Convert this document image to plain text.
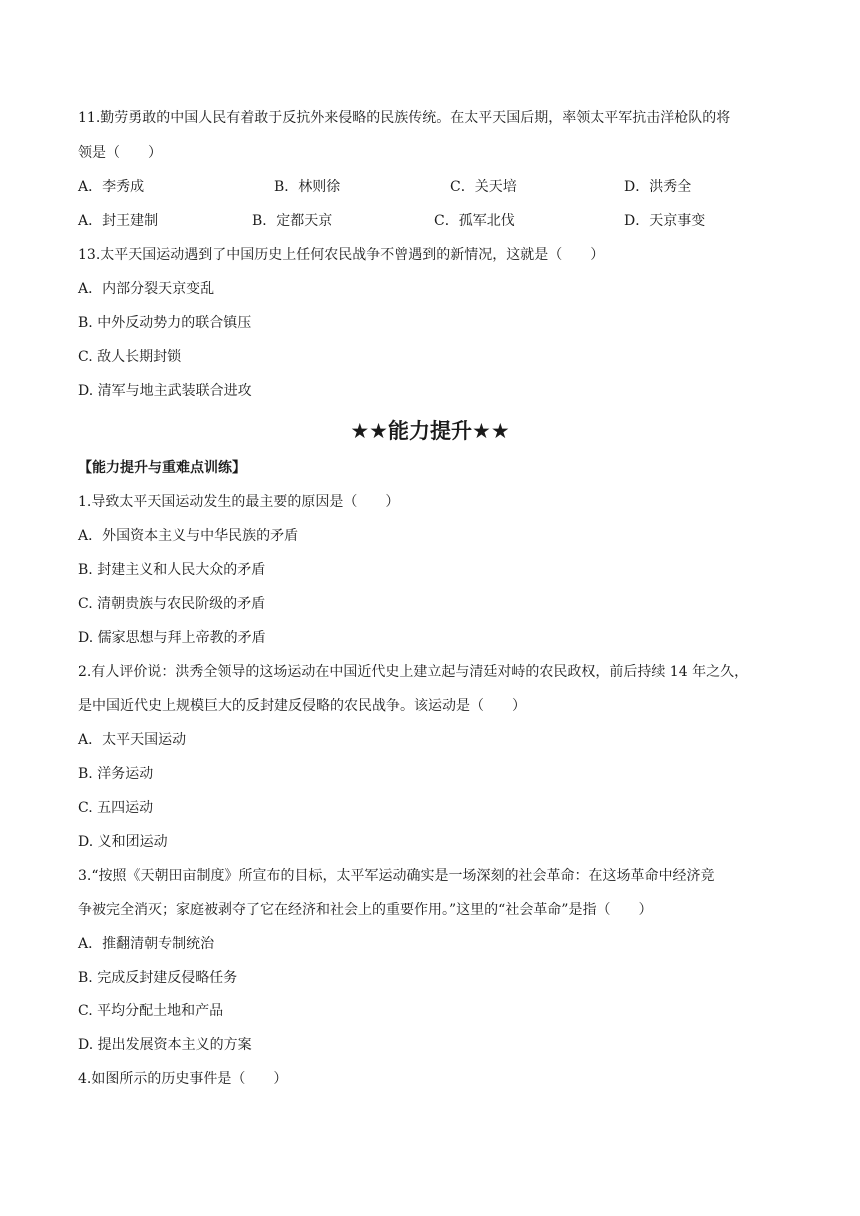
11.勤劳勇敢的中国人民有着敢于反抗外来侵略的民族传统。在太平天国后期，率领太平军抗击洋枪队的将
领是（　　）
A．李秀成	B．林则徐	C．关天培	D．洪秀全
A．封王建制	B．定都天京	C．孤军北伐	D．天京事变
13.太平天国运动遇到了中国历史上任何农民战争不曾遇到的新情况，这就是（　　）
A．内部分裂天京变乱
B. 中外反动势力的联合镇压
C. 敌人长期封锁
D. 清军与地主武装联合进攻
★★能力提升★★
【能力提升与重难点训练】
1.导致太平天国运动发生的最主要的原因是（　　）
A．外国资本主义与中华民族的矛盾
B. 封建主义和人民大众的矛盾
C. 清朝贵族与农民阶级的矛盾
D. 儒家思想与拜上帝教的矛盾
2.有人评价说：洪秀全领导的这场运动在中国近代史上建立起与清廷对峙的农民政权，前后持续 14 年之久，
是中国近代史上规模巨大的反封建反侵略的农民战争。该运动是（　　）
A．太平天国运动
B. 洋务运动
C. 五四运动
D. 义和团运动
3.“按照《天朝田亩制度》所宣布的目标，太平军运动确实是一场深刻的社会革命：在这场革命中经济竞
争被完全消灭；家庭被剥夺了它在经济和社会上的重要作用。”这里的“社会革命”是指（　　）
A．推翻清朝专制统治
B. 完成反封建反侵略任务
C. 平均分配土地和产品
D. 提出发展资本主义的方案
4.如图所示的历史事件是（　　）
